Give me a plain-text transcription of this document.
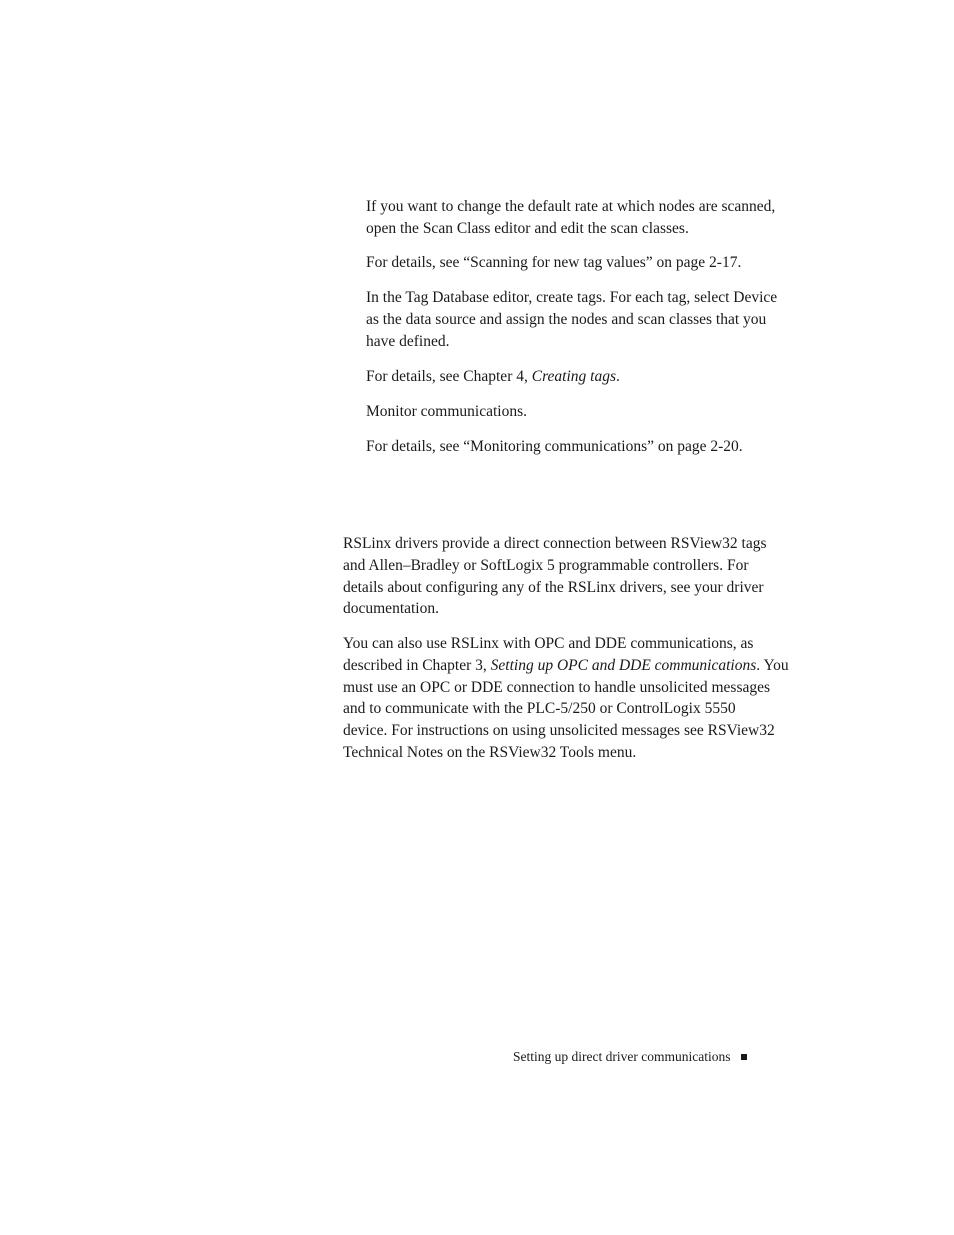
If you want to change the default rate at which nodes are scanned,
open the Scan Class editor and edit the scan classes.

For details, see “Scanning for new tag values” on page 2-17.

In the Tag Database editor, create tags. For each tag, select Device
as the data source and assign the nodes and scan classes that you
have defined.

For details, see Chapter 4, Creating tags.

Monitor communications.

For details, see “Monitoring communications” on page 2-20.

RSLinx drivers provide a direct connection between RSView32 tags
and Allen–Bradley or SoftLogix 5 programmable controllers. For
details about configuring any of the RSLinx drivers, see your driver
documentation.

You can also use RSLinx with OPC and DDE communications, as
described in Chapter 3, Setting up OPC and DDE communications. You
must use an OPC or DDE connection to handle unsolicited messages
and to communicate with the PLC-5/250 or ControlLogix 5550
device. For instructions on using unsolicited messages see RSView32
Technical Notes on the RSView32 Tools menu.

Setting up direct driver communications
